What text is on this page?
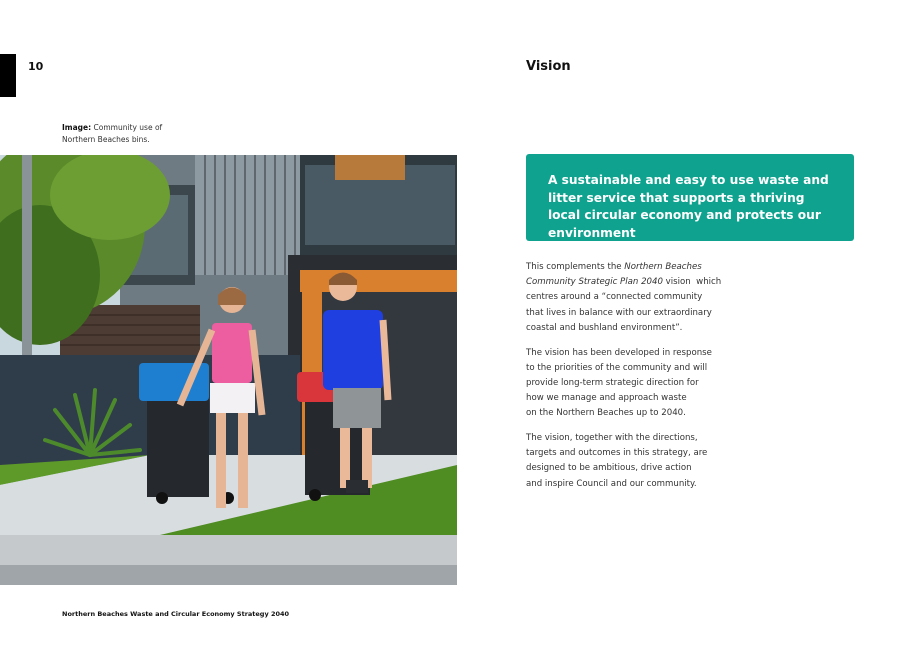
10
Image: Community use of
Northern Beaches bins.
Northern Beaches Waste and Circular Economy Strategy 2040
Vision
A sustainable and easy to use waste and litter service that supports a thriving local circular economy and protects our environment

This complements the Northern Beaches
Community Strategic Plan 2040 vision  which
centres around a “connected community
that lives in balance with our extraordinary
coastal and bushland environment”.

The vision has been developed in response
to the priorities of the community and will
provide long-term strategic direction for
how we manage and approach waste
on the Northern Beaches up to 2040.

The vision, together with the directions,
targets and outcomes in this strategy, are
designed to be ambitious, drive action
and inspire Council and our community.
